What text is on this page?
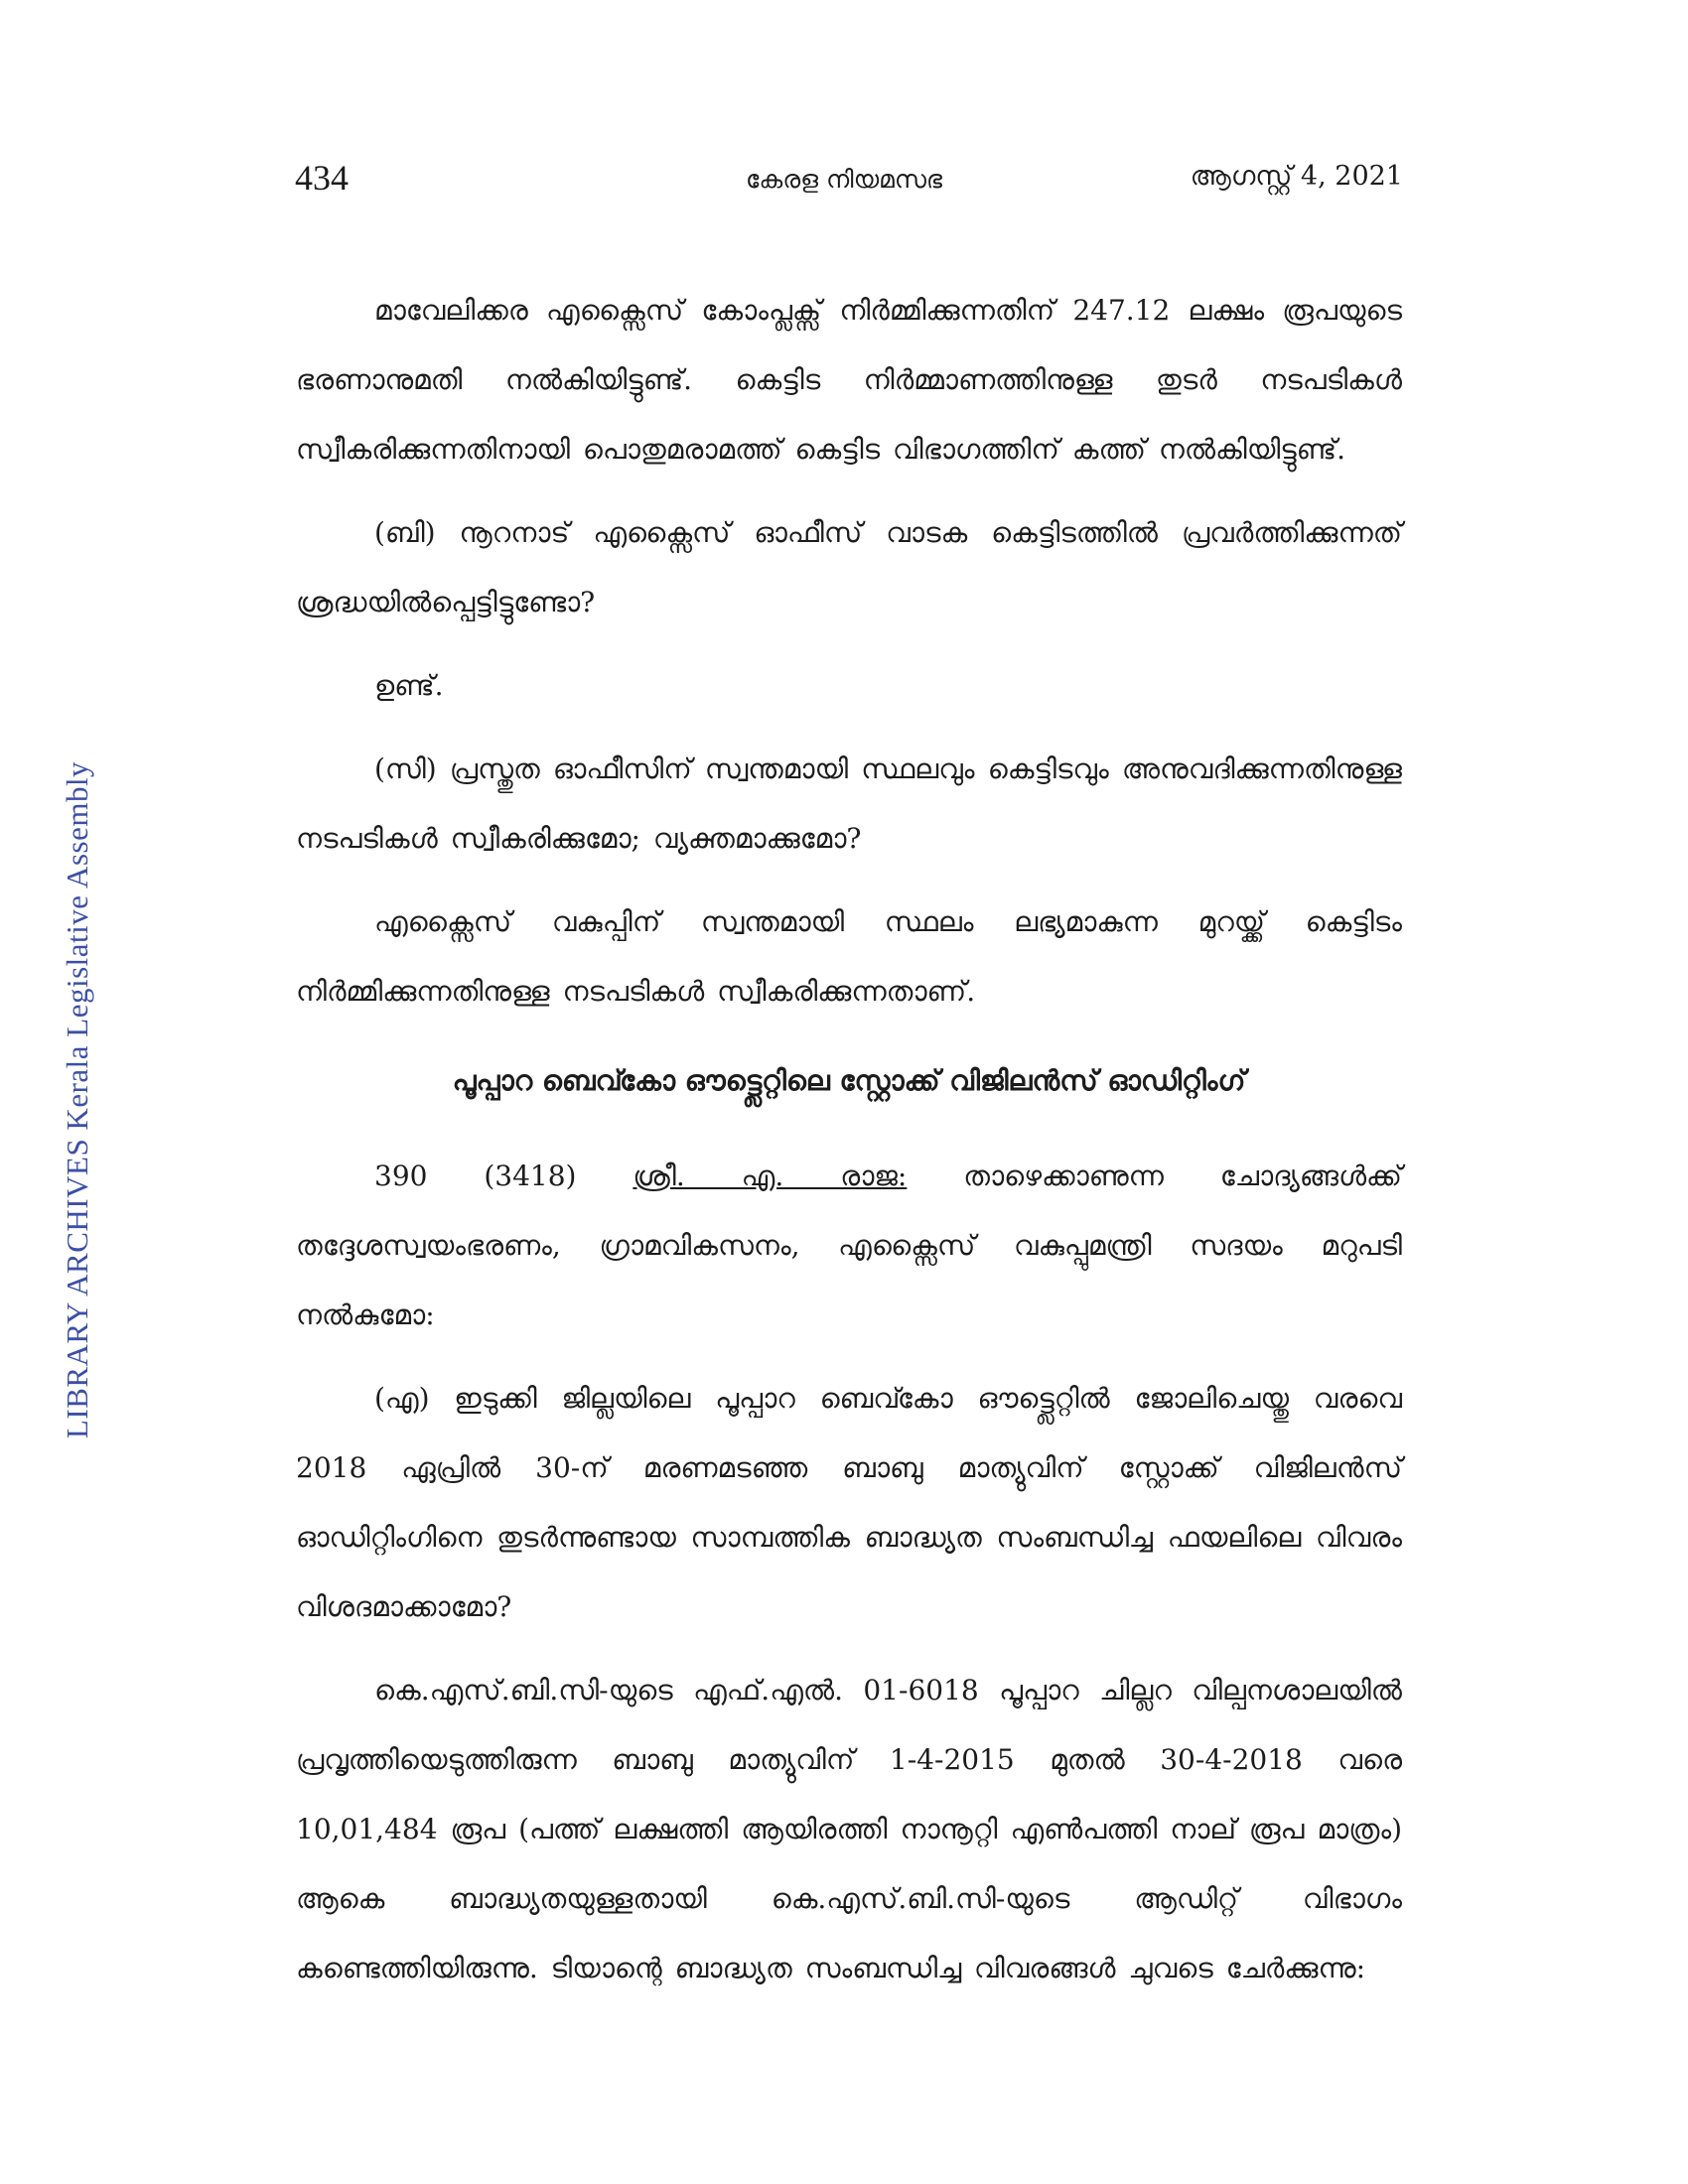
434	കേരള നിയമസഭ	ആഗസ്റ്റ് 4, 2021
LIBRARY ARCHIVES Kerala Legislative Assembly

മാവേലിക്കര എക്സൈസ് കോംപ്ലക്സ് നിർമ്മിക്കുന്നതിന് 247.12 ലക്ഷം രൂപയുടെ ഭരണാനുമതി നൽകിയിട്ടുണ്ട്. കെട്ടിട നിർമ്മാണത്തിനുള്ള തുടർ നടപടികൾ സ്വീകരിക്കുന്നതിനായി പൊതുമരാമത്ത് കെട്ടിട വിഭാഗത്തിന് കത്ത് നൽകിയിട്ടുണ്ട്.

(ബി) നൂറനാട് എക്സൈസ് ഓഫീസ് വാടക കെട്ടിടത്തിൽ പ്രവർത്തിക്കുന്നത് ശ്രദ്ധയിൽപ്പെട്ടിട്ടുണ്ടോ?

ഉണ്ട്.

(സി) പ്രസ്തുത ഓഫീസിന് സ്വന്തമായി സ്ഥലവും കെട്ടിടവും അനുവദിക്കുന്നതിനുള്ള നടപടികൾ സ്വീകരിക്കുമോ; വ്യക്തമാക്കുമോ?

എക്സൈസ് വകുപ്പിന് സ്വന്തമായി സ്ഥലം ലഭ്യമാകുന്ന മുറയ്ക്ക് കെട്ടിടം നിർമ്മിക്കുന്നതിനുള്ള നടപടികൾ സ്വീകരിക്കുന്നതാണ്.

പൂപ്പാറ ബെവ്കോ ഔട്ട്ലെറ്റിലെ സ്റ്റോക്ക് വിജിലൻസ് ഓഡിറ്റിംഗ്

390 (3418) ശ്രീ. എ. രാജ: താഴെക്കാണുന്ന ചോദ്യങ്ങൾക്ക് തദ്ദേശസ്വയംഭരണം, ഗ്രാമവികസനം, എക്സൈസ് വകുപ്പുമന്ത്രി സദയം മറുപടി നൽകുമോ:

(എ) ഇടുക്കി ജില്ലയിലെ പൂപ്പാറ ബെവ്കോ ഔട്ട്ലെറ്റിൽ ജോലിചെയ്തു വരവെ 2018 ഏപ്രിൽ 30-ന് മരണമടഞ്ഞ ബാബു മാത്യുവിന് സ്റ്റോക്ക് വിജിലൻസ് ഓഡിറ്റിംഗിനെ തുടർന്നുണ്ടായ സാമ്പത്തിക ബാദ്ധ്യത സംബന്ധിച്ച ഫയലിലെ വിവരം വിശദമാക്കാമോ?

കെ.എസ്.ബി.സി-യുടെ എഫ്.എൽ. 01-6018 പൂപ്പാറ ചില്ലറ വില്പനശാലയിൽ പ്രവൃത്തിയെടുത്തിരുന്ന ബാബു മാത്യുവിന് 1-4-2015 മുതൽ 30-4-2018 വരെ 10,01,484 രൂപ (പത്ത് ലക്ഷത്തി ആയിരത്തി നാനൂറ്റി എൺപത്തി നാല് രൂപ മാത്രം) ആകെ ബാദ്ധ്യതയുള്ളതായി കെ.എസ്.ബി.സി-യുടെ ആഡിറ്റ് വിഭാഗം കണ്ടെത്തിയിരുന്നു. ടിയാന്റെ ബാദ്ധ്യത സംബന്ധിച്ച വിവരങ്ങൾ ചുവടെ ചേർക്കുന്നു:
